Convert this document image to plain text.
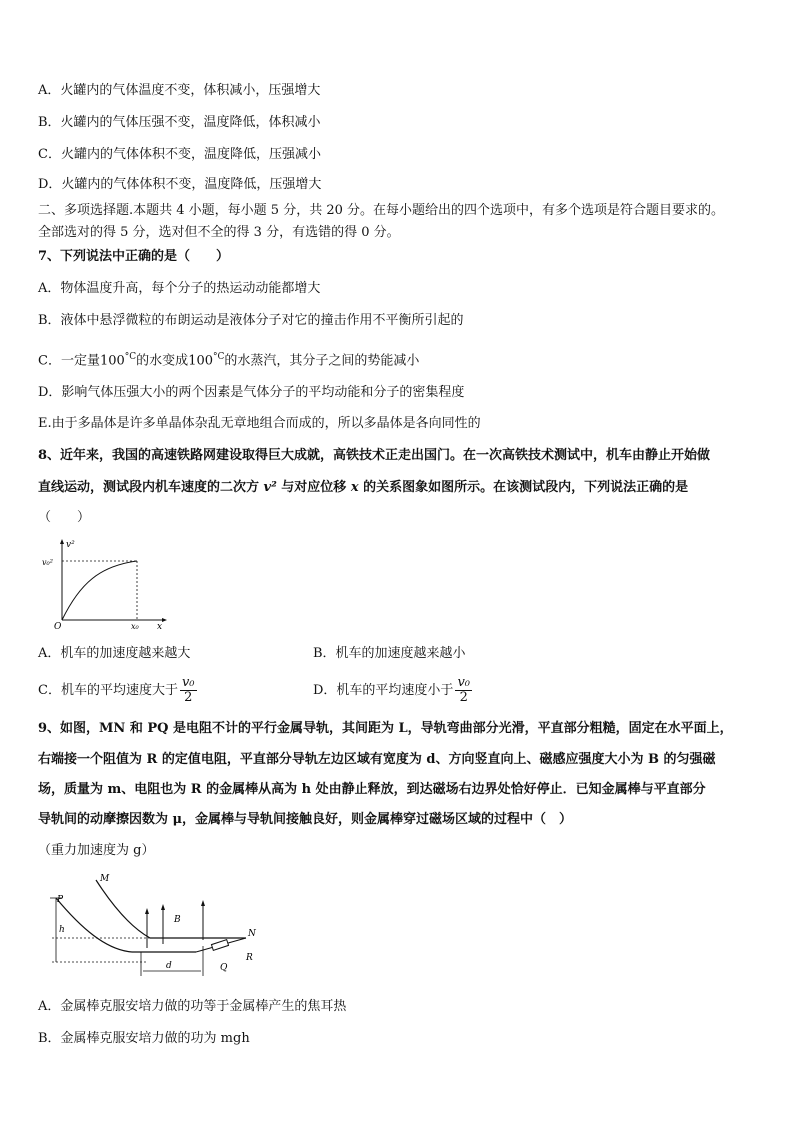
A．火罐内的气体温度不变，体积减小，压强增大
B．火罐内的气体压强不变，温度降低，体积减小
C．火罐内的气体体积不变，温度降低，压强减小
D．火罐内的气体体积不变，温度降低，压强增大
二、多项选择题.本题共 4 小题，每小题 5 分，共 20 分。在每小题给出的四个选项中，有多个选项是符合题目要求的。
全部选对的得 5 分，选对但不全的得 3 分，有选错的得 0 分。
7、下列说法中正确的是（　　）
A．物体温度升高，每个分子的热运动动能都增大
B．液体中悬浮微粒的布朗运动是液体分子对它的撞击作用不平衡所引起的
C．一定量$100^{^\circ C}$的水变成$100^{^\circ C}$的水蒸汽，其分子之间的势能减小
D．影响气体压强大小的两个因素是气体分子的平均动能和分子的密集程度
E.由于多晶体是许多单晶体杂乱无章地组合而成的，所以多晶体是各向同性的
8、近年来，我国的高速铁路网建设取得巨大成就，高铁技术正走出国门。在一次高铁技术测试中，机车由静止开始做
直线运动，测试段内机车速度的二次方 v² 与对应位移 x 的关系图象如图所示。在该测试段内，下列说法正确的是
（　　）
v²
x
O	x₀
v₀²
A．机车的加速度越来越大	B．机车的加速度越来越小
C．机车的平均速度大于 $\frac{\text{v₀}}{2}$	D．机车的平均速度小于 $\frac{\text{v₀}}{2}$
9、如图，MN 和 PQ 是电阻不计的平行金属导轨，其间距为 L，导轨弯曲部分光滑，平直部分粗糙，固定在水平面上，
右端接一个阻值为 R 的定值电阻，平直部分导轨左边区域有宽度为 d、方向竖直向上、磁感应强度大小为 B 的匀强磁
场，质量为 m、电阻也为 R 的金属棒从高为 h 处由静止释放，到达磁场右边界处恰好停止．已知金属棒与平直部分
导轨间的动摩擦因数为 μ，金属棒与导轨间接触良好，则金属棒穿过磁场区域的过程中（　）
（重力加速度为 g）
P
M
h
B
N
R
Q
d
A．金属棒克服安培力做的功等于金属棒产生的焦耳热
B．金属棒克服安培力做的功为 mgh
